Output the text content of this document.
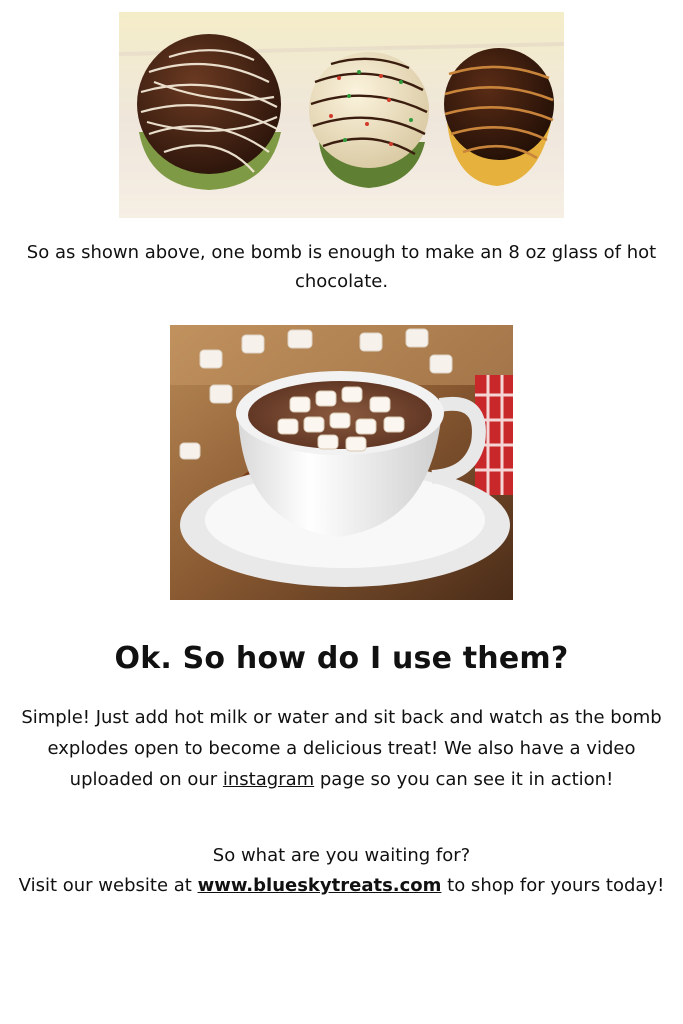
So as shown above, one bomb is enough to make an 8 oz glass of hot chocolate.
Ok. So how do I use them?
Simple! Just add hot milk or water and sit back and watch as the bomb explodes open to become a delicious treat! We also have a video uploaded on our instagram page so you can see it in action!
So what are you waiting for?
Visit our website at www.blueskytreats.com to shop for yours today!
